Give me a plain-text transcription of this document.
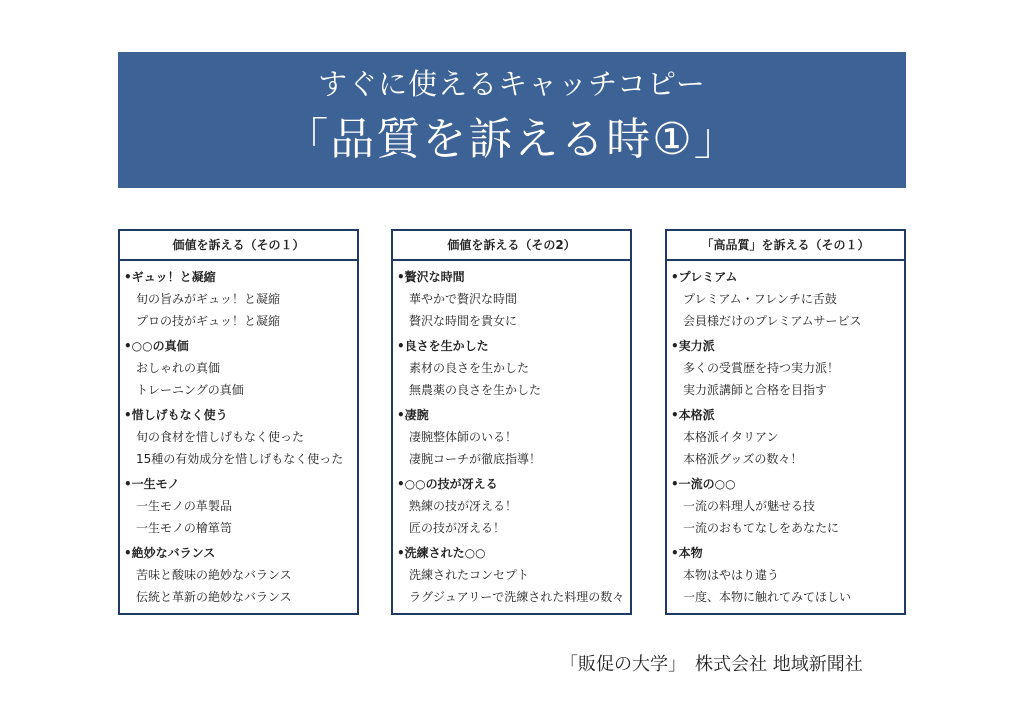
すぐに使えるキャッチコピー
「品質を訴える時①」
価値を訴える（その１）
•ギュッ！と凝縮
旬の旨みがギュッ！と凝縮
プロの技がギュッ！と凝縮
•○○の真価
おしゃれの真価
トレーニングの真価
•惜しげもなく使う
旬の食材を惜しげもなく使った
15種の有効成分を惜しげもなく使った
•一生モノ
一生モノの革製品
一生モノの檜箪笥
•絶妙なバランス
苦味と酸味の絶妙なバランス
伝統と革新の絶妙なバランス
価値を訴える（その2）
•贅沢な時間
華やかで贅沢な時間
贅沢な時間を貴女に
•良さを生かした
素材の良さを生かした
無農薬の良さを生かした
•凄腕
凄腕整体師のいる！
凄腕コーチが徹底指導！
•○○の技が冴える
熟練の技が冴える！
匠の技が冴える！
•洗練された○○
洗練されたコンセプト
ラグジュアリーで洗練された料理の数々
「高品質」を訴える（その１）
•プレミアム
プレミアム・フレンチに舌鼓
会員様だけのプレミアムサービス
•実力派
多くの受賞歴を持つ実力派！
実力派講師と合格を目指す
•本格派
本格派イタリアン
本格派グッズの数々！
•一流の○○
一流の料理人が魅せる技
一流のおもてなしをあなたに
•本物
本物はやはり違う
一度、本物に触れてみてほしい
「販促の大学」　株式会社 地域新聞社
